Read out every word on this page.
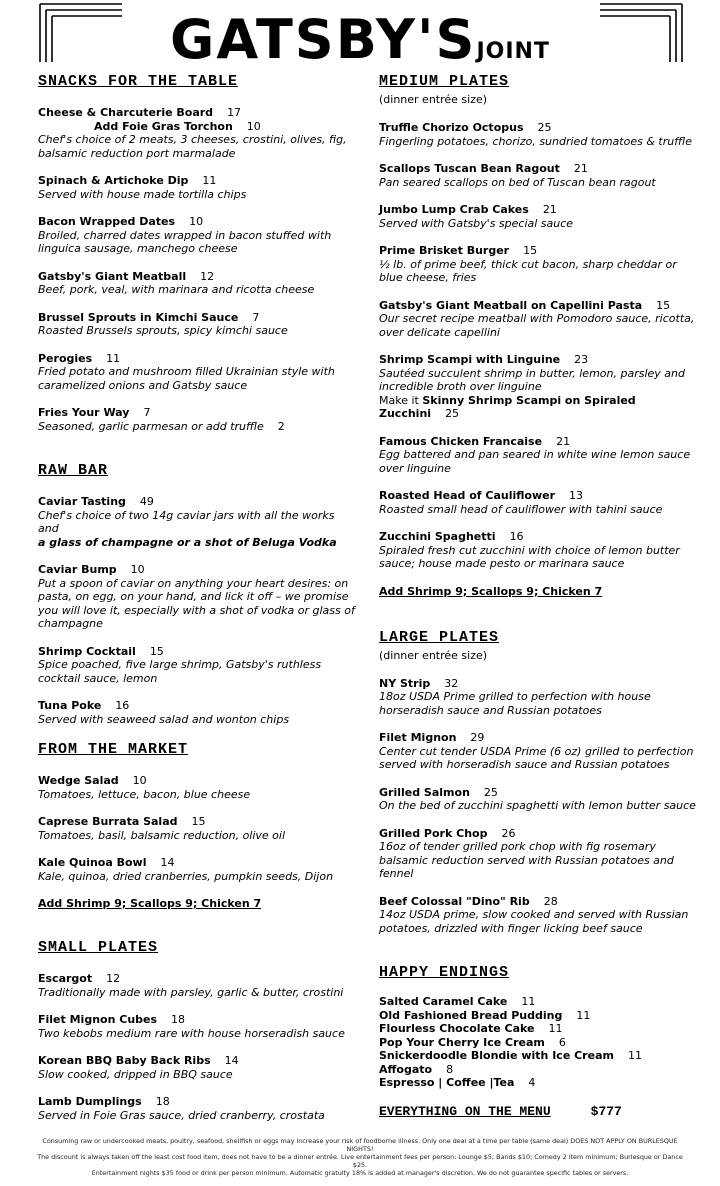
GATSBY'SJOINT
SNACKS FOR THE TABLE
Cheese & Charcuterie Board 17
Add Foie Gras Torchon 10
Chef's choice of 2 meats, 3 cheeses, crostini, olives, fig, balsamic reduction port marmalade
Spinach & Artichoke Dip 11
Served with house made tortilla chips
Bacon Wrapped Dates 10
Broiled, charred dates wrapped in bacon stuffed with linguica sausage, manchego cheese
Gatsby's Giant Meatball 12
Beef, pork, veal, with marinara and ricotta cheese
Brussel Sprouts in Kimchi Sauce 7
Roasted Brussels sprouts, spicy kimchi sauce
Perogies 11
Fried potato and mushroom filled Ukrainian style with caramelized onions and Gatsby sauce
Fries Your Way 7
Seasoned, garlic parmesan or add truffle 2
RAW BAR
Caviar Tasting 49
Chef's choice of two 14g caviar jars with all the works and
a glass of champagne or a shot of Beluga Vodka
Caviar Bump 10
Put a spoon of caviar on anything your heart desires: on pasta, on egg, on your hand, and lick it off – we promise you will love it, especially with a shot of vodka or glass of champagne
Shrimp Cocktail 15
Spice poached, five large shrimp, Gatsby's ruthless cocktail sauce, lemon
Tuna Poke 16
Served with seaweed salad and wonton chips
FROM THE MARKET
Wedge Salad 10
Tomatoes, lettuce, bacon, blue cheese
Caprese Burrata Salad 15
Tomatoes, basil, balsamic reduction, olive oil
Kale Quinoa Bowl 14
Kale, quinoa, dried cranberries, pumpkin seeds, Dijon
Add Shrimp 9; Scallops 9; Chicken 7
SMALL PLATES
Escargot 12
Traditionally made with parsley, garlic & butter, crostini
Filet Mignon Cubes 18
Two kebobs medium rare with house horseradish sauce
Korean BBQ Baby Back Ribs 14
Slow cooked, dripped in BBQ sauce
Lamb Dumplings 18
Served in Foie Gras sauce, dried cranberry, crostata
MEDIUM PLATES
(dinner entrée size)
Truffle Chorizo Octopus 25
Fingerling potatoes, chorizo, sundried tomatoes & truffle
Scallops Tuscan Bean Ragout 21
Pan seared scallops on bed of Tuscan bean ragout
Jumbo Lump Crab Cakes 21
Served with Gatsby's special sauce
Prime Brisket Burger 15
½ lb. of prime beef, thick cut bacon, sharp cheddar or blue cheese, fries
Gatsby's Giant Meatball on Capellini Pasta 15
Our secret recipe meatball with Pomodoro sauce, ricotta, over delicate capellini
Shrimp Scampi with Linguine 23
Sautéed succulent shrimp in butter, lemon, parsley and incredible broth over linguine
Make it Skinny Shrimp Scampi on Spiraled Zucchini 25
Famous Chicken Francaise 21
Egg battered and pan seared in white wine lemon sauce over linguine
Roasted Head of Cauliflower 13
Roasted small head of cauliflower with tahini sauce
Zucchini Spaghetti 16
Spiraled fresh cut zucchini with choice of lemon butter sauce; house made pesto or marinara sauce
Add Shrimp 9; Scallops 9; Chicken 7
LARGE PLATES
(dinner entrée size)
NY Strip 32
18oz USDA Prime grilled to perfection with house horseradish sauce and Russian potatoes
Filet Mignon 29
Center cut tender USDA Prime (6 oz) grilled to perfection served with horseradish sauce and Russian potatoes
Grilled Salmon 25
On the bed of zucchini spaghetti with lemon butter sauce
Grilled Pork Chop 26
16oz of tender grilled pork chop with fig rosemary balsamic reduction served with Russian potatoes and fennel
Beef Colossal "Dino" Rib 28
14oz USDA prime, slow cooked and served with Russian potatoes, drizzled with finger licking beef sauce
HAPPY ENDINGS
Salted Caramel Cake 11
Old Fashioned Bread Pudding 11
Flourless Chocolate Cake 11
Pop Your Cherry Ice Cream 6
Snickerdoodle Blondie with Ice Cream 11
Affogato 8
Espresso | Coffee |Tea 4
EVERYTHING ON THE MENU	$777
Consuming raw or undercooked meats, poultry, seafood, shellfish or eggs may increase your risk of foodborne illness. Only one deal at a time per table (same deal) DOES NOT APPLY ON BURLESQUE NIGHTS!
The discount is always taken off the least cost food item, does not have to be a dinner entrée. Live entertainment fees per person: Lounge $5; Bands $10; Comedy 2 item minimum; Burlesque or Dance $25.
Entertainment nights $35 food or drink per person minimum. Automatic gratuity 18% is added at manager's discretion. We do not guarantee specific tables or servers.
